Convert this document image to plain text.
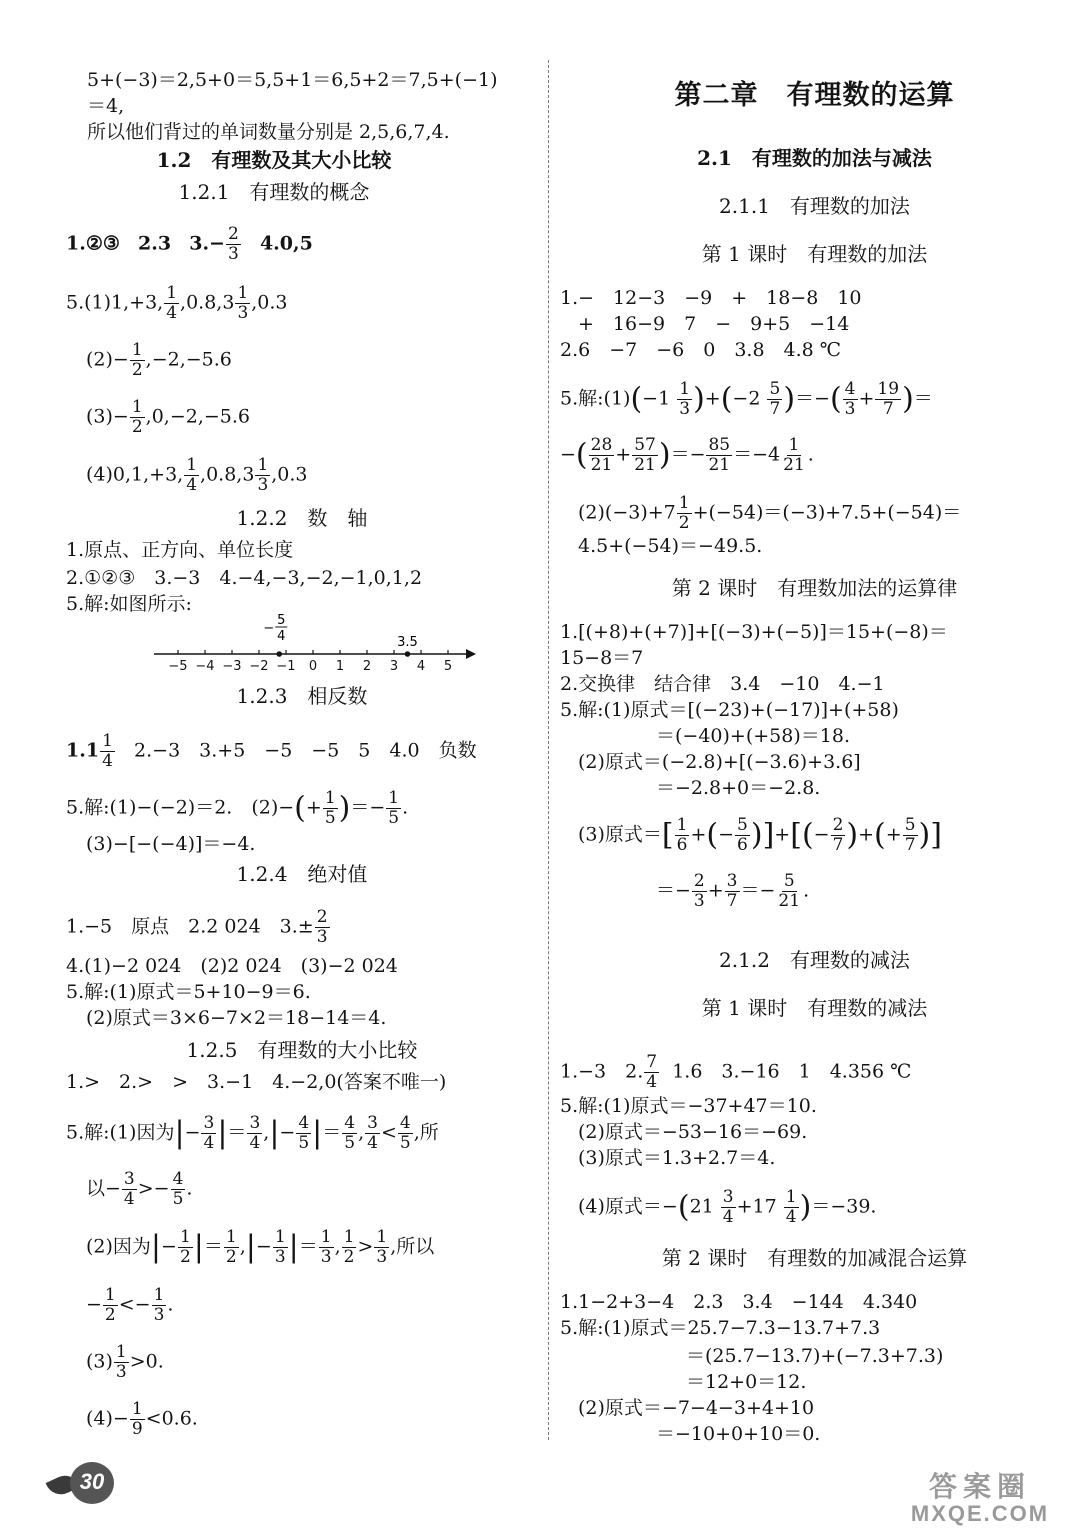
5+(−3)＝2,5+0＝5,5+1＝6,5+2＝7,5+(−1)
＝4,
所以他们背过的单词数量分别是 2,5,6,7,4.
1.2　有理数及其大小比较
1.2.1　有理数的概念
1.②③ 2.3 $3.- \frac{2}{3} 4.0,5$
5.(1)1,+3, $\frac{1}{4} ,0.8,3 \frac{1}{3} ,0.3$
$(2)- \frac{1}{2} ,-2,-5.6$
$(3)- \frac{1}{2} ,0,-2,-5.6$
(4)0,1,+3, $\frac{1}{4} ,0.8,3 \frac{1}{3} ,0.3$
1.2.2　数　轴
1.原点、正方向、单位长度
2.①②③　3.−3　4.−4,−3,−2,−1,0,1,2
5.解:如图所示:
−5 −4 −3 −2 −1 0 1 2 3 4 5
5
−
4	3.5
1.2.3　相反数
$1.1 \frac{1}{4} 2.-3$　3.+5　−5　−5　5　4.0　负数
5.解:(1)−(−2)＝2.　$(2)-(+ \frac{1}{5}$ )＝− $\frac{1}{5}$ .
(3)−[−(−4)]＝−4.
1.2.4　绝对值
1.−5　原点　2.2 024　$3.\pm \frac{2}{3}$
4.(1)−2 024　(2)2 024　(3)−2 024
5.解:(1)原式＝5+10−9＝6.
(2)原式＝3×6−7×2＝18−14＝4.
1.2.5　有理数的大小比较
1.>　2.>　>　3.−1　4.−2,0(答案不唯一)
5.解:(1)因为|− $\frac{3}{4}$ |＝ $\frac{3}{4}$ ,|− $\frac{4}{5}$ |＝ $\frac{4}{5}$ , $\frac{3}{4} < \frac{4}{5}$ ,所
以− $\frac{3}{4} >- \frac{4}{5}$ .
(2)因为|− $\frac{1}{2}$ |＝ $\frac{1}{2}$ ,|− $\frac{1}{3}$ |＝ $\frac{1}{3}$ , $\frac{1}{2} > \frac{1}{3}$ ,所以
− $\frac{1}{2} <- \frac{1}{3}$ .
$(3) \frac{1}{3} >0$.
$(4)- \frac{1}{9} <0.6$.
第二章　有理数的运算
2.1　有理数的加法与减法
2.1.1　有理数的加法
第 1 课时　有理数的加法
1.−　12−3　−9　+　18−8　10
+　16−9　7　−　9+5　−14
2.6　−7　−6　0　3.8　4.8 ℃
5.解:(1)(−1 $\frac{1}{3} )+(-2 \frac{5}{7}$ )＝−( $\frac{4}{3} + \frac{19}{7}$ )＝
−( $\frac{28}{21} + \frac{57}{21}$ )＝− $\frac{85}{21} =-4 \frac{1}{21}$ .
$(2)(-3)+7 \frac{1}{2} +(-54)=(-3)+7.5+(-54)=$
4.5+(−54)＝−49.5.
第 2 课时　有理数加法的运算律
1.[(+8)+(+7)]+[(−3)+(−5)]＝15+(−8)＝
15−8＝7
2.交换律　结合律　3.4　−10　4.−1
5.解:(1)原式＝[(−23)+(−17)]+(+58)
＝(−40)+(+58)＝18.
(2)原式＝(−2.8)+[(−3.6)+3.6]
＝−2.8+0＝−2.8.
(3)原式＝[ $\frac{1}{6}$ +(− $\frac{5}{6}$ )]+[(− $\frac{2}{7}$ )+(+ $\frac{5}{7}$ )]
＝− $\frac{2}{3} + \frac{3}{7} =- \frac{5}{21}$ .
2.1.2　有理数的减法
第 1 课时　有理数的减法
1.−3　2. $\frac{7}{4} 1.6$　3.−16　1　4.356 ℃
5.解:(1)原式＝−37+47＝10.
(2)原式＝−53−16＝−69.
(3)原式＝1.3+2.7＝4.
(4)原式$=-(21 \frac{3}{4} +17 \frac{1}{4} )=-39$.
第 2 课时　有理数的加减混合运算
1.1−2+3−4　2.3　3.4　−144　4.340
5.解:(1)原式＝25.7−7.3−13.7+7.3
＝(25.7−13.7)+(−7.3+7.3)
＝12+0＝12.
(2)原式＝−7−4−3+4+10
＝−10+0+10＝0.
30	答案圈
MXQE.COM
